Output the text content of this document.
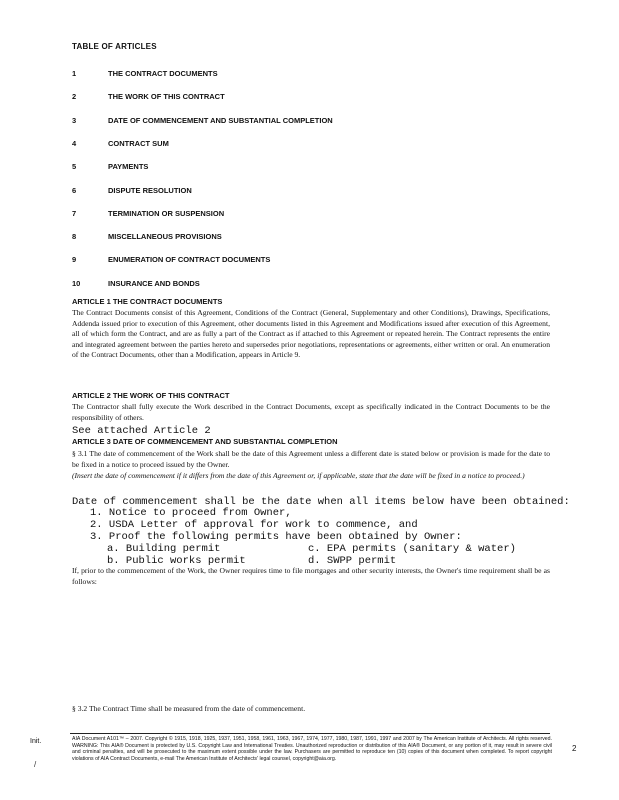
TABLE OF ARTICLES
1	THE CONTRACT DOCUMENTS
2	THE WORK OF THIS CONTRACT
3	DATE OF COMMENCEMENT AND SUBSTANTIAL COMPLETION
4	CONTRACT SUM
5	PAYMENTS
6	DISPUTE RESOLUTION
7	TERMINATION OR SUSPENSION
8	MISCELLANEOUS PROVISIONS
9	ENUMERATION OF CONTRACT DOCUMENTS
10	INSURANCE AND BONDS
ARTICLE 1 THE CONTRACT DOCUMENTS
The Contract Documents consist of this Agreement, Conditions of the Contract (General, Supplementary and other Conditions), Drawings, Specifications, Addenda issued prior to execution of this Agreement, other documents listed in this Agreement and Modifications issued after execution of this Agreement, all of which form the Contract, and are as fully a part of the Contract as if attached to this Agreement or repeated herein. The Contract represents the entire and integrated agreement between the parties hereto and supersedes prior negotiations, representations or agreements, either written or oral. An enumeration of the Contract Documents, other than a Modification, appears in Article 9.
ARTICLE 2 THE WORK OF THIS CONTRACT
The Contractor shall fully execute the Work described in the Contract Documents, except as specifically indicated in the Contract Documents to be the responsibility of others.
See attached Article 2
ARTICLE 3 DATE OF COMMENCEMENT AND SUBSTANTIAL COMPLETION
§ 3.1 The date of commencement of the Work shall be the date of this Agreement unless a different date is stated below or provision is made for the date to be fixed in a notice to proceed issued by the Owner.
(Insert the date of commencement if it differs from the date of this Agreement or, if applicable, state that the date will be fixed in a notice to proceed.)
Date of commencement shall be the date when all items below have been obtained:
1. Notice to proceed from Owner,
2. USDA Letter of approval for work to commence, and
3. Proof the following permits have been obtained by Owner:
a. Building permit	c. EPA permits (sanitary & water)
b. Public works permit	d. SWPP permit
If, prior to the commencement of the Work, the Owner requires time to file mortgages and other security interests, the Owner's time requirement shall be as follows:
§ 3.2 The Contract Time shall be measured from the date of commencement.
AIA Document A101™ – 2007. Copyright © 1915, 1918, 1925, 1937, 1951, 1958, 1961, 1963, 1967, 1974, 1977, 1980, 1987, 1991, 1997 and 2007 by The American Institute of Architects. All rights reserved. WARNING: This AIA® Document is protected by U.S. Copyright Law and International Treaties. Unauthorized reproduction or distribution of this AIA® Document, or any portion of it, may result in severe civil and criminal penalties, and will be prosecuted to the maximum extent possible under the law. Purchasers are permitted to reproduce ten (10) copies of this document when completed. To report copyright violations of AIA Contract Documents, e-mail The American Institute of Architects' legal counsel, copyright@aia.org.
Init.
/
2
